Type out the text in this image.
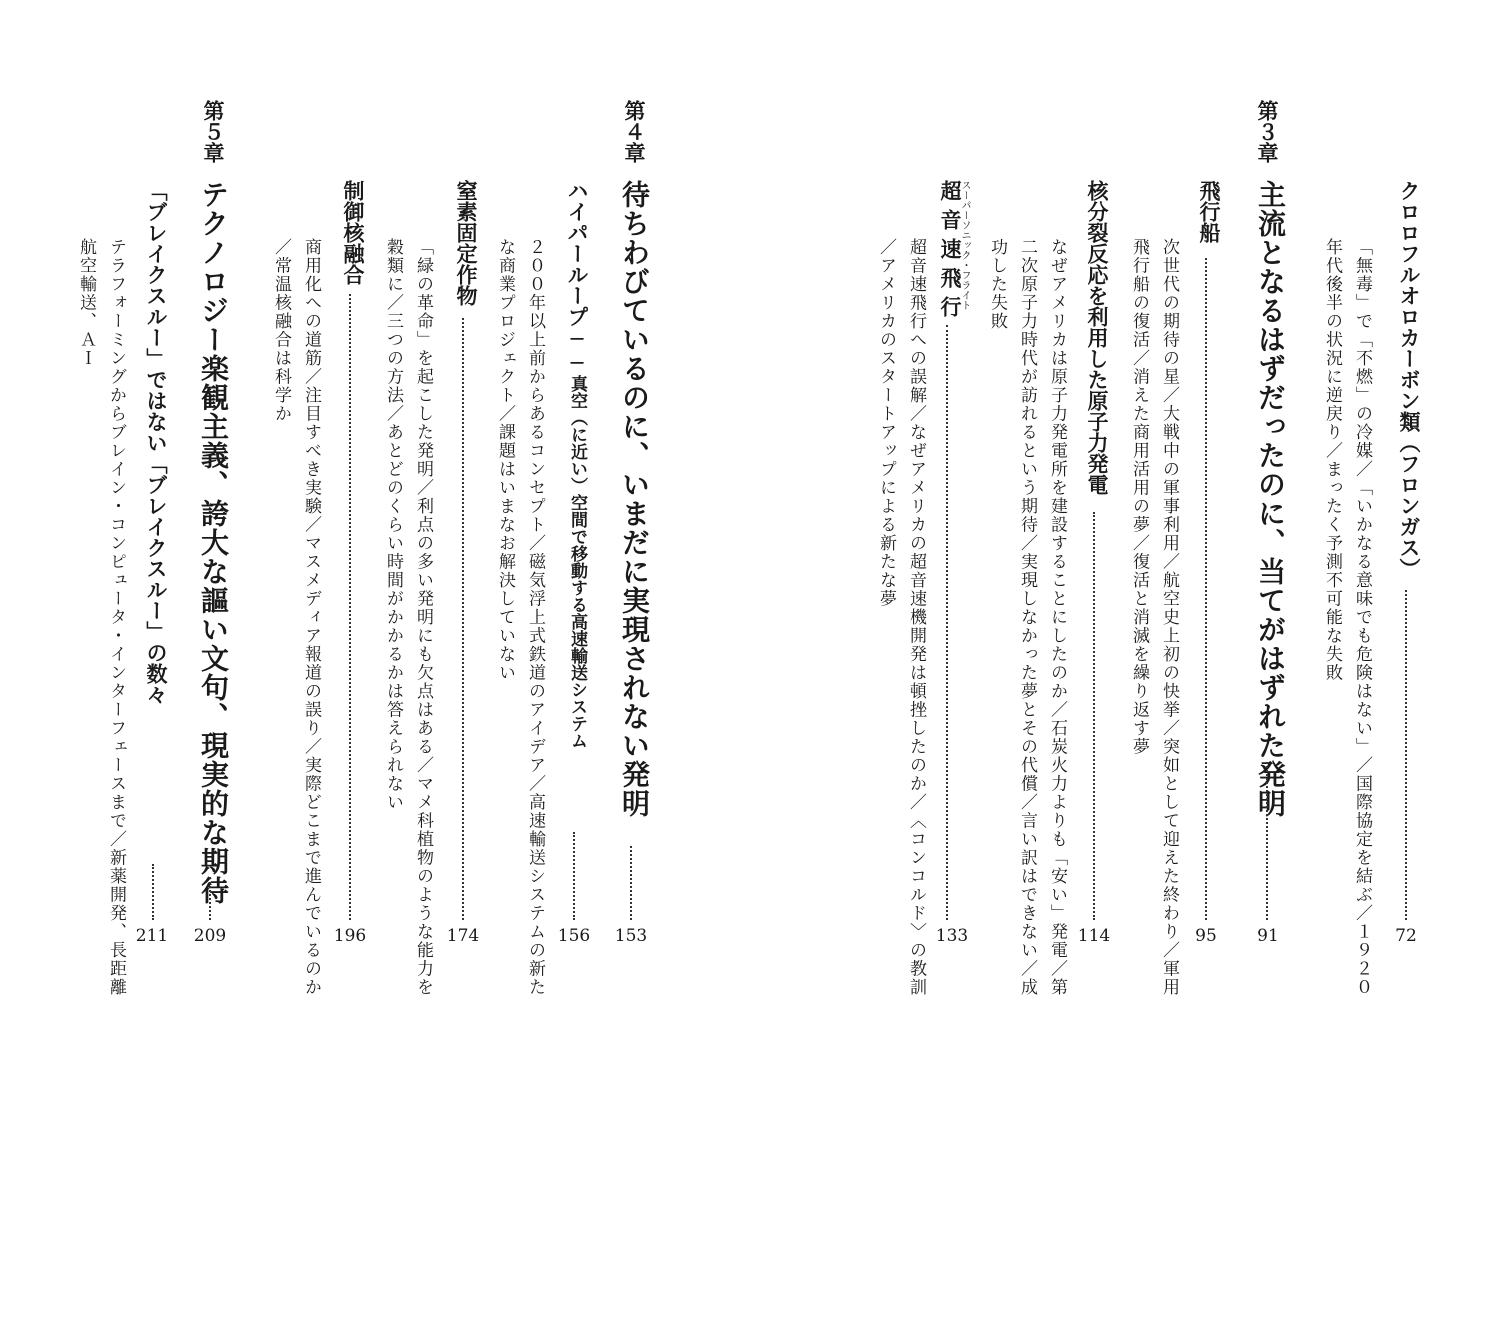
クロロフルオロカーボン類（フロンガス）
72
「無毒」で「不燃」の冷媒／「いかなる意味でも危険はない」／国際協定を結ぶ／１９２０
年代後半の状況に逆戻り／まったく予測不可能な失敗
第３章
主流となるはずだったのに、当てがはずれた発明
91
飛行船
95
次世代の期待の星／大戦中の軍事利用／航空史上初の快挙／突如として迎えた終わり／軍用
飛行船の復活／消えた商用活用の夢／復活と消滅を繰り返す夢
核分裂反応を利用した原子力発電
114
なぜアメリカは原子力発電所を建設することにしたのか／石炭火力よりも「安い」発電／第
二次原子力時代が訪れるという期待／実現しなかった夢とその代償／言い訳はできない／成
功した失敗
スーパーソニック・フライト
超音速飛行
133
超音速飛行への誤解／なぜアメリカの超音速機開発は頓挫したのか／〈コンコルド〉の教訓
／アメリカのスタートアップによる新たな夢
第４章
待ちわびているのに、いまだに実現されない発明
153
ハイパーループ──真空（に近い）空間で移動する高速輸送システム
156
２００年以上前からあるコンセプト／磁気浮上式鉄道のアイデア／高速輸送システムの新た
な商業プロジェクト／課題はいまなお解決していない
窒素固定作物
174
「緑の革命」を起こした発明／利点の多い発明にも欠点はある／マメ科植物のような能力を
穀類に／三つの方法／あとどのくらい時間がかかるかは答えられない
制御核融合
196
商用化への道筋／注目すべき実験／マスメディア報道の誤り／実際どこまで進んでいるのか
／常温核融合は科学か
第５章
テクノロジー楽観主義、誇大な謳い文句、現実的な期待
209
「ブレイクスルー」ではない「ブレイクスルー」の数々
211
テラフォーミングからブレイン・コンピュータ・インターフェースまで／新薬開発、長距離
航空輸送、ＡＩ
